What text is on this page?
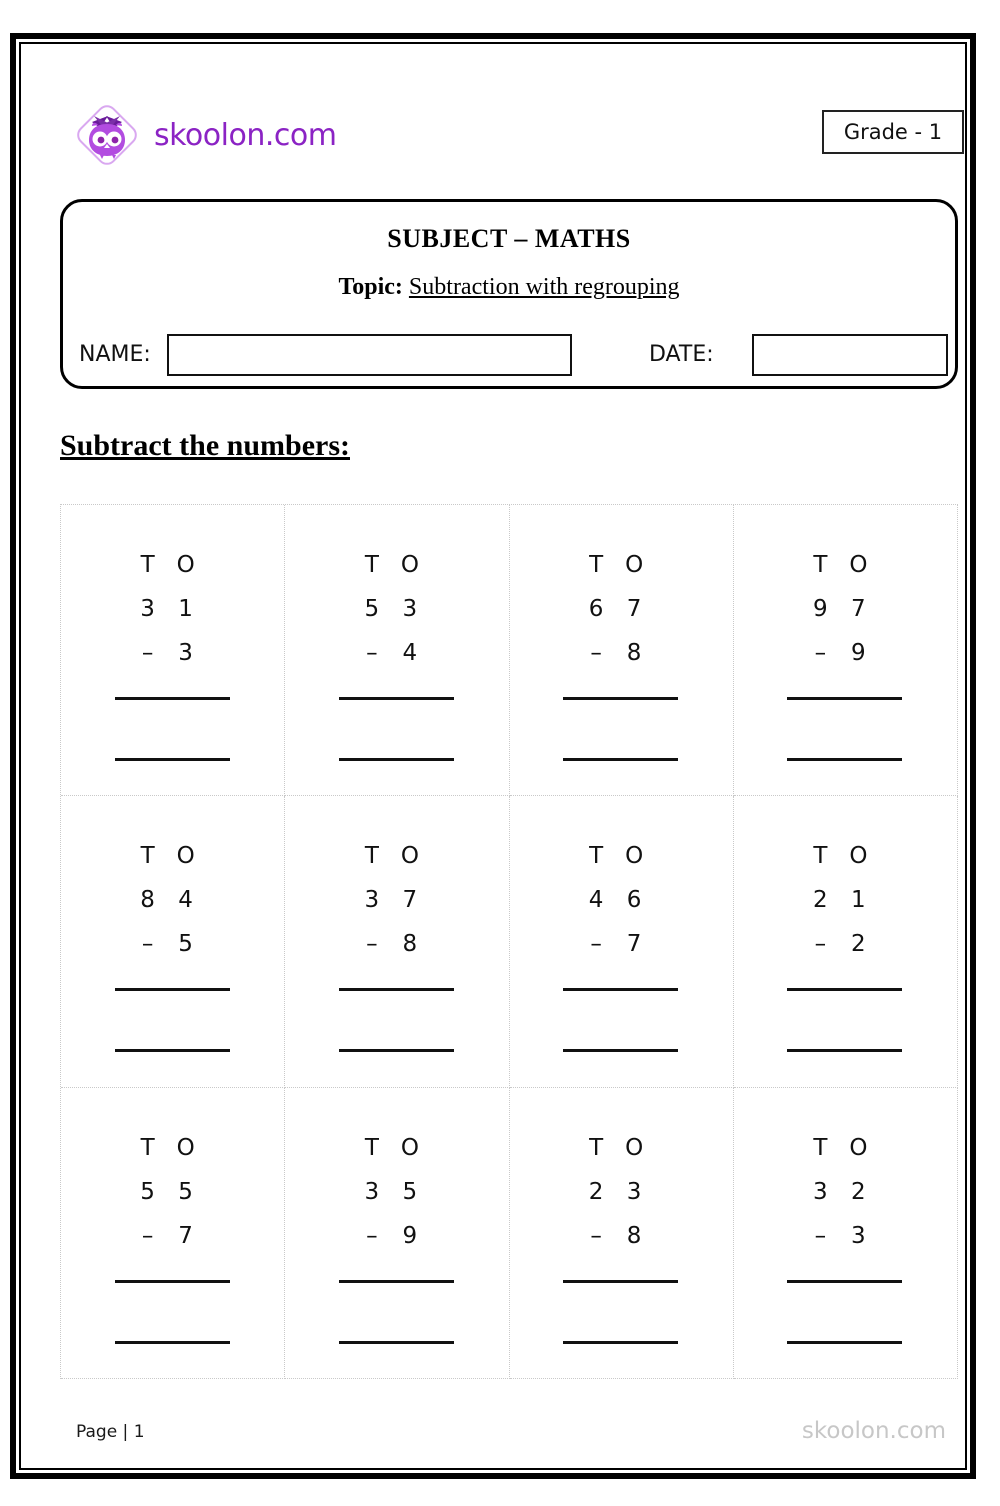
skoolon.com	Grade - 1
SUBJECT – MATHS
Topic: Subtraction with regrouping
NAME:	DATE:
Subtract the numbers:
T O
3	1
–	3
T O
5	3
–	4
T O
6	7
–	8
T O
9	7
–	9
T O
8	4
–	5
T O
3	7
–	8
T O
4	6
–	7
T O
2	1
–	2
T O
5	5
–	7
T O
3	5
–	9
T O
2	3
–	8
T O
3	2
–	3
Page | 1	skoolon.com
